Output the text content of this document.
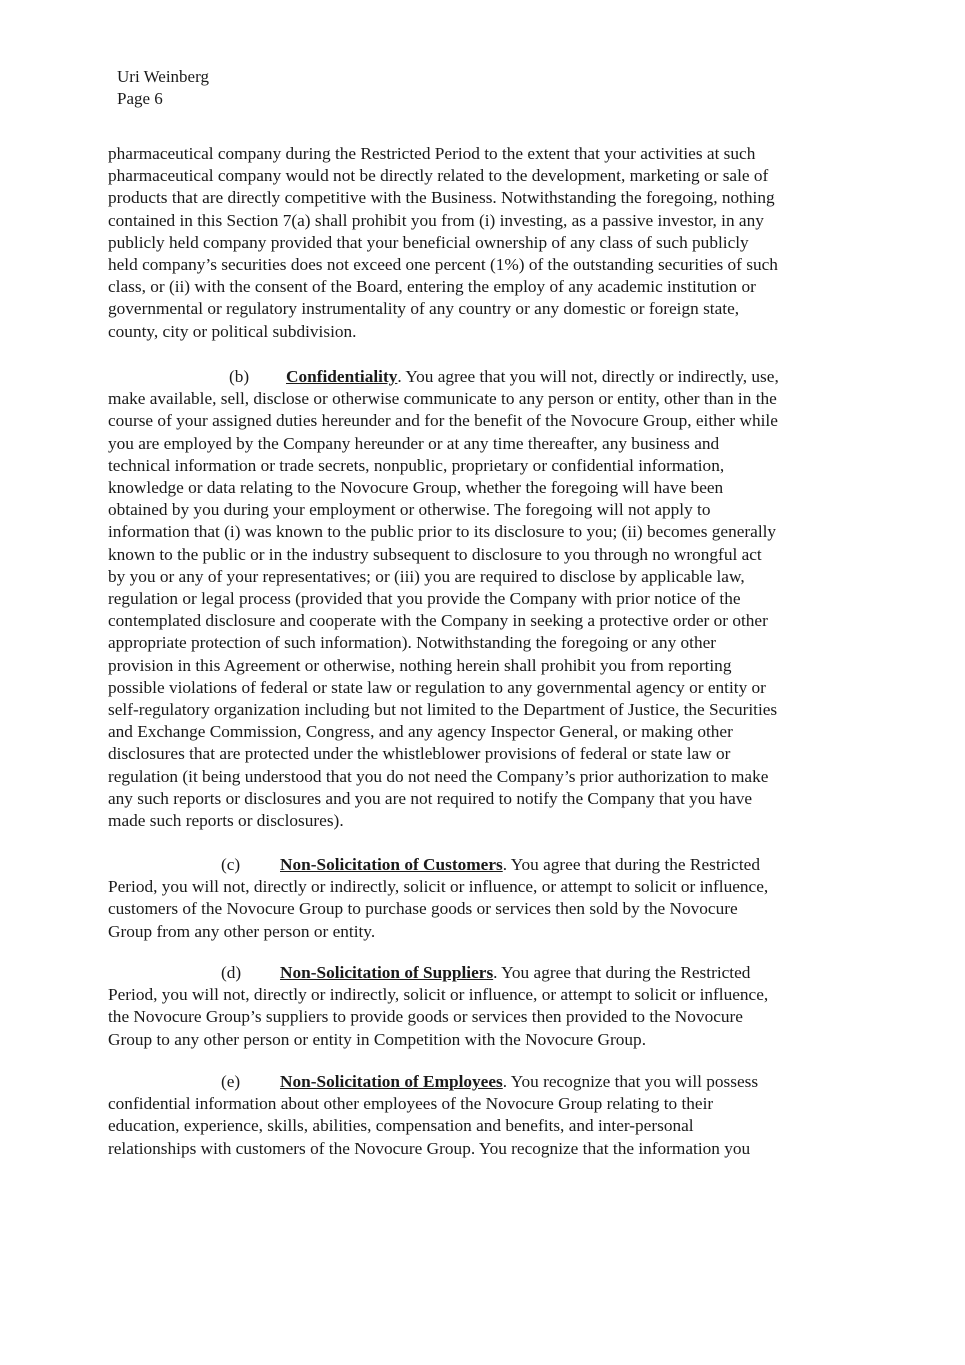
Uri Weinberg
Page 6
pharmaceutical company during the Restricted Period to the extent that your activities at such
pharmaceutical company would not be directly related to the development, marketing or sale of
products that are directly competitive with the Business. Notwithstanding the foregoing, nothing
contained in this Section 7(a) shall prohibit you from (i) investing, as a passive investor, in any
publicly held company provided that your beneficial ownership of any class of such publicly
held company’s securities does not exceed one percent (1%) of the outstanding securities of such
class, or (ii) with the consent of the Board, entering the employ of any academic institution or
governmental or regulatory instrumentality of any country or any domestic or foreign state,
county, city or political subdivision.
(b) Confidentiality. You agree that you will not, directly or indirectly, use,
make available, sell, disclose or otherwise communicate to any person or entity, other than in the
course of your assigned duties hereunder and for the benefit of the Novocure Group, either while
you are employed by the Company hereunder or at any time thereafter, any business and
technical information or trade secrets, nonpublic, proprietary or confidential information,
knowledge or data relating to the Novocure Group, whether the foregoing will have been
obtained by you during your employment or otherwise. The foregoing will not apply to
information that (i) was known to the public prior to its disclosure to you; (ii) becomes generally
known to the public or in the industry subsequent to disclosure to you through no wrongful act
by you or any of your representatives; or (iii) you are required to disclose by applicable law,
regulation or legal process (provided that you provide the Company with prior notice of the
contemplated disclosure and cooperate with the Company in seeking a protective order or other
appropriate protection of such information). Notwithstanding the foregoing or any other
provision in this Agreement or otherwise, nothing herein shall prohibit you from reporting
possible violations of federal or state law or regulation to any governmental agency or entity or
self-regulatory organization including but not limited to the Department of Justice, the Securities
and Exchange Commission, Congress, and any agency Inspector General, or making other
disclosures that are protected under the whistleblower provisions of federal or state law or
regulation (it being understood that you do not need the Company’s prior authorization to make
any such reports or disclosures and you are not required to notify the Company that you have
made such reports or disclosures).
(c) Non-Solicitation of Customers. You agree that during the Restricted
Period, you will not, directly or indirectly, solicit or influence, or attempt to solicit or influence,
customers of the Novocure Group to purchase goods or services then sold by the Novocure
Group from any other person or entity.
(d) Non-Solicitation of Suppliers. You agree that during the Restricted
Period, you will not, directly or indirectly, solicit or influence, or attempt to solicit or influence,
the Novocure Group’s suppliers to provide goods or services then provided to the Novocure
Group to any other person or entity in Competition with the Novocure Group.
(e) Non-Solicitation of Employees. You recognize that you will possess
confidential information about other employees of the Novocure Group relating to their
education, experience, skills, abilities, compensation and benefits, and inter-personal
relationships with customers of the Novocure Group. You recognize that the information you
